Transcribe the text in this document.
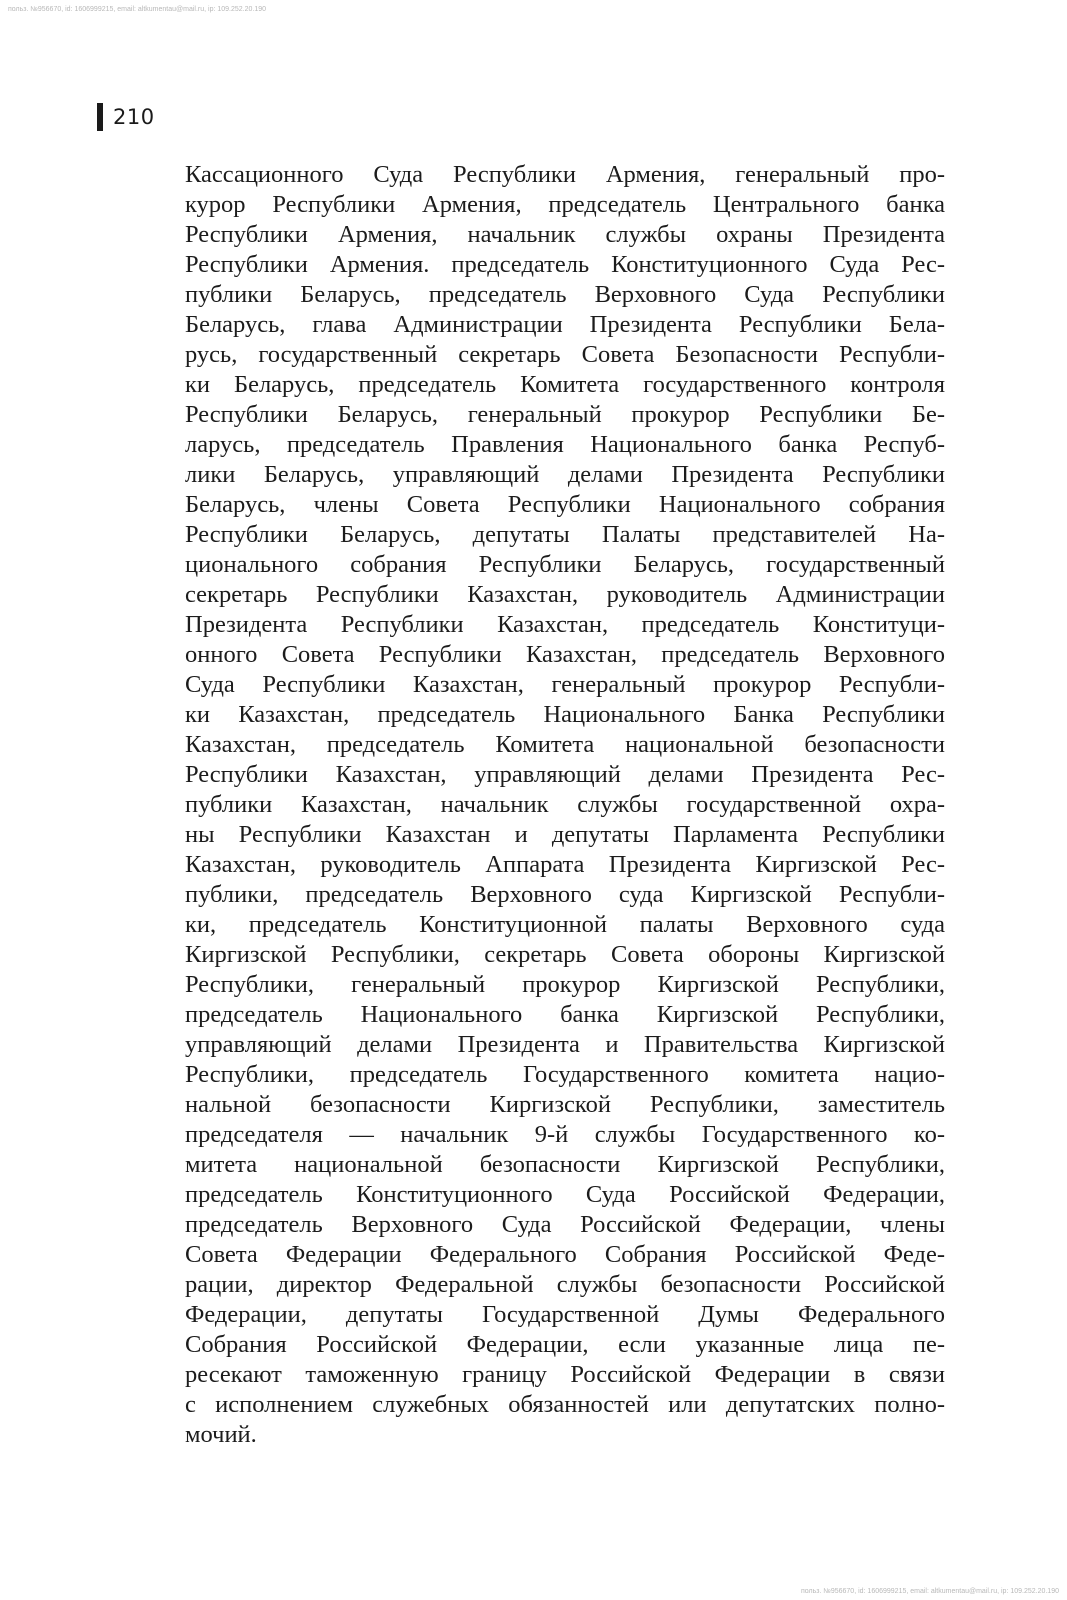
польз. №956670, id: 1606999215, email: altkumentau@mail.ru, ip: 109.252.20.190

210

Кассационного Суда Республики Армения, генеральный про-
курор Республики Армения, председатель Центрального банка
Республики Армения, начальник службы охраны Президента
Республики Армения. председатель Конституционного Суда Рес-
публики Беларусь, председатель Верховного Суда Республики
Беларусь, глава Администрации Президента Республики Бела-
русь, государственный секретарь Совета Безопасности Республи-
ки Беларусь, председатель Комитета государственного контроля
Республики Беларусь, генеральный прокурор Республики Бе-
ларусь, председатель Правления Национального банка Респуб-
лики Беларусь, управляющий делами Президента Республики
Беларусь, члены Совета Республики Национального собрания
Республики Беларусь, депутаты Палаты представителей На-
ционального собрания Республики Беларусь, государственный
секретарь Республики Казахстан, руководитель Администрации
Президента Республики Казахстан, председатель Конституци-
онного Совета Республики Казахстан, председатель Верховного
Суда Республики Казахстан, генеральный прокурор Республи-
ки Казахстан, председатель Национального Банка Республики
Казахстан, председатель Комитета национальной безопасности
Республики Казахстан, управляющий делами Президента Рес-
публики Казахстан, начальник службы государственной охра-
ны Республики Казахстан и депутаты Парламента Республики
Казахстан, руководитель Аппарата Президента Киргизской Рес-
публики, председатель Верховного суда Киргизской Республи-
ки, председатель Конституционной палаты Верховного суда
Киргизской Республики, секретарь Совета обороны Киргизской
Республики, генеральный прокурор Киргизской Республики,
председатель Национального банка Киргизской Республики,
управляющий делами Президента и Правительства Киргизской
Республики, председатель Государственного комитета нацио-
нальной безопасности Киргизской Республики, заместитель
председателя — начальник 9-й службы Государственного ко-
митета национальной безопасности Киргизской Республики,
председатель Конституционного Суда Российской Федерации,
председатель Верховного Суда Российской Федерации, члены
Совета Федерации Федерального Собрания Российской Феде-
рации, директор Федеральной службы безопасности Российской
Федерации, депутаты Государственной Думы Федерального
Собрания Российской Федерации, если указанные лица пе-
ресекают таможенную границу Российской Федерации в связи
с исполнением служебных обязанностей или депутатских полно-
мочий.

польз. №956670, id: 1606999215, email: altkumentau@mail.ru, ip: 109.252.20.190
